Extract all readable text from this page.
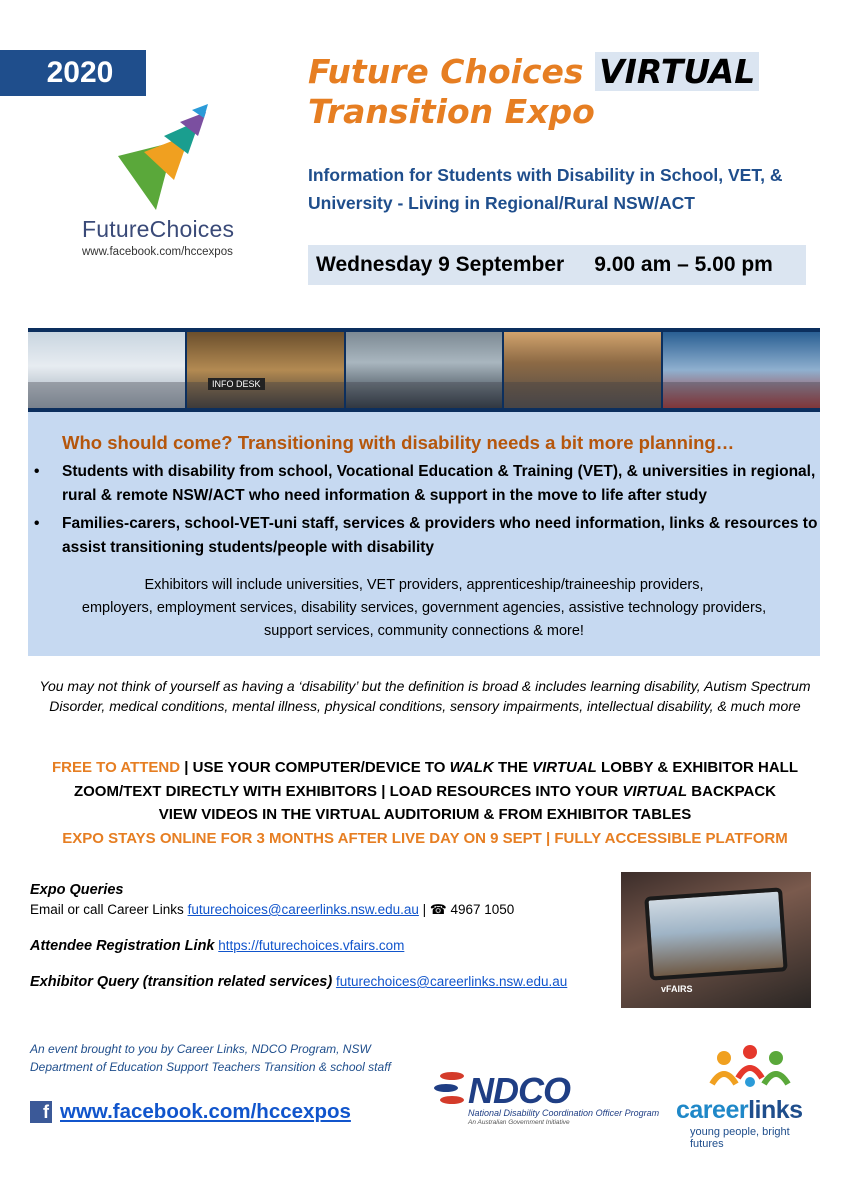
2020
FutureChoices
www.facebook.com/hccexpos
Future Choices VIRTUAL
Transition Expo
Information for Students with Disability in School, VET, & University - Living in Regional/Rural NSW/ACT
Wednesday 9 September 9.00 am – 5.00 pm
INFO DESK
Who should come? Transitioning with disability needs a bit more planning…
• Students with disability from school, Vocational Education & Training (VET), & universities in regional, rural & remote NSW/ACT who need information & support in the move to life after study
• Families-carers, school-VET-uni staff, services & providers who need information, links & resources to assist transitioning students/people with disability
Exhibitors will include universities, VET providers, apprenticeship/traineeship providers,
employers, employment services, disability services, government agencies, assistive technology providers,
support services, community connections & more!
You may not think of yourself as having a ‘disability’ but the definition is broad & includes learning disability, Autism Spectrum Disorder, medical conditions, mental illness, physical conditions, sensory impairments, intellectual disability, & much more
FREE TO ATTEND | USE YOUR COMPUTER/DEVICE TO WALK THE VIRTUAL LOBBY & EXHIBITOR HALL
ZOOM/TEXT DIRECTLY WITH EXHIBITORS | LOAD RESOURCES INTO YOUR VIRTUAL BACKPACK
VIEW VIDEOS IN THE VIRTUAL AUDITORIUM & FROM EXHIBITOR TABLES
EXPO STAYS ONLINE FOR 3 MONTHS AFTER LIVE DAY ON 9 SEPT | FULLY ACCESSIBLE PLATFORM
Expo Queries
Email or call Career Links futurechoices@careerlinks.nsw.edu.au | ☎ 4967 1050
Attendee Registration Link https://futurechoices.vfairs.com
Exhibitor Query (transition related services) futurechoices@careerlinks.nsw.edu.au	vFAIRS
An event brought to you by Career Links, NDCO Program, NSW Department of Education Support Teachers Transition & school staff
f www.facebook.com/hccexpos
NDCO
National Disability Coordination Officer Program
An Australian Government Initiative	careerlinks
young people, bright futures
